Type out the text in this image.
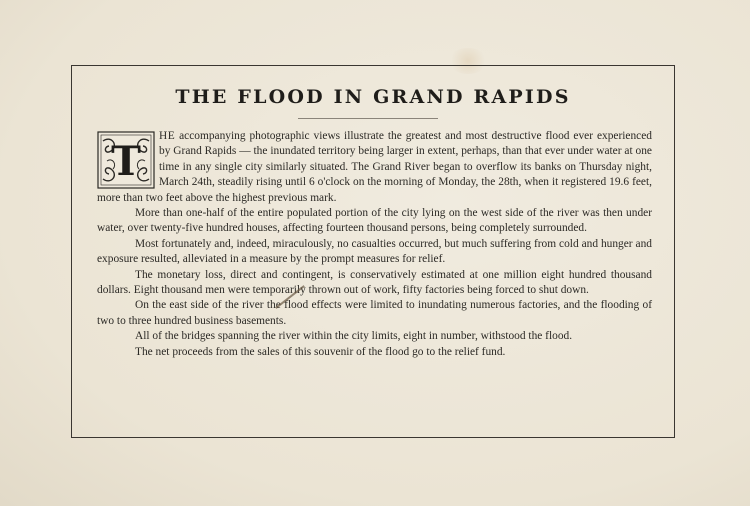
THE FLOOD IN GRAND RAPIDS

T
HE accompanying photographic views illustrate the greatest and most destructive flood ever experienced by Grand Rapids — the inundated territory being larger in extent, perhaps, than that ever under water at one time in any single city similarly situated. The Grand River began to overflow its banks on Thursday night, March 24th, steadily rising until 6 o'clock on the morning of Monday, the 28th, when it registered 19.6 feet, more than two feet above the highest previous mark.

More than one-half of the entire populated portion of the city lying on the west side of the river was then under water, over twenty-five hundred houses, affecting fourteen thousand persons, being completely surrounded.

Most fortunately and, indeed, miraculously, no casualties occurred, but much suffering from cold and hunger and exposure resulted, alleviated in a measure by the prompt measures for relief.

The monetary loss, direct and contingent, is conservatively estimated at one million eight hundred thousand dollars. Eight thousand men were temporarily thrown out of work, fifty factories being forced to shut down.

On the east side of the river the flood effects were limited to inundating numerous factories, and the flooding of two to three hundred business basements.

All of the bridges spanning the river within the city limits, eight in number, withstood the flood.

The net proceeds from the sales of this souvenir of the flood go to the relief fund.
